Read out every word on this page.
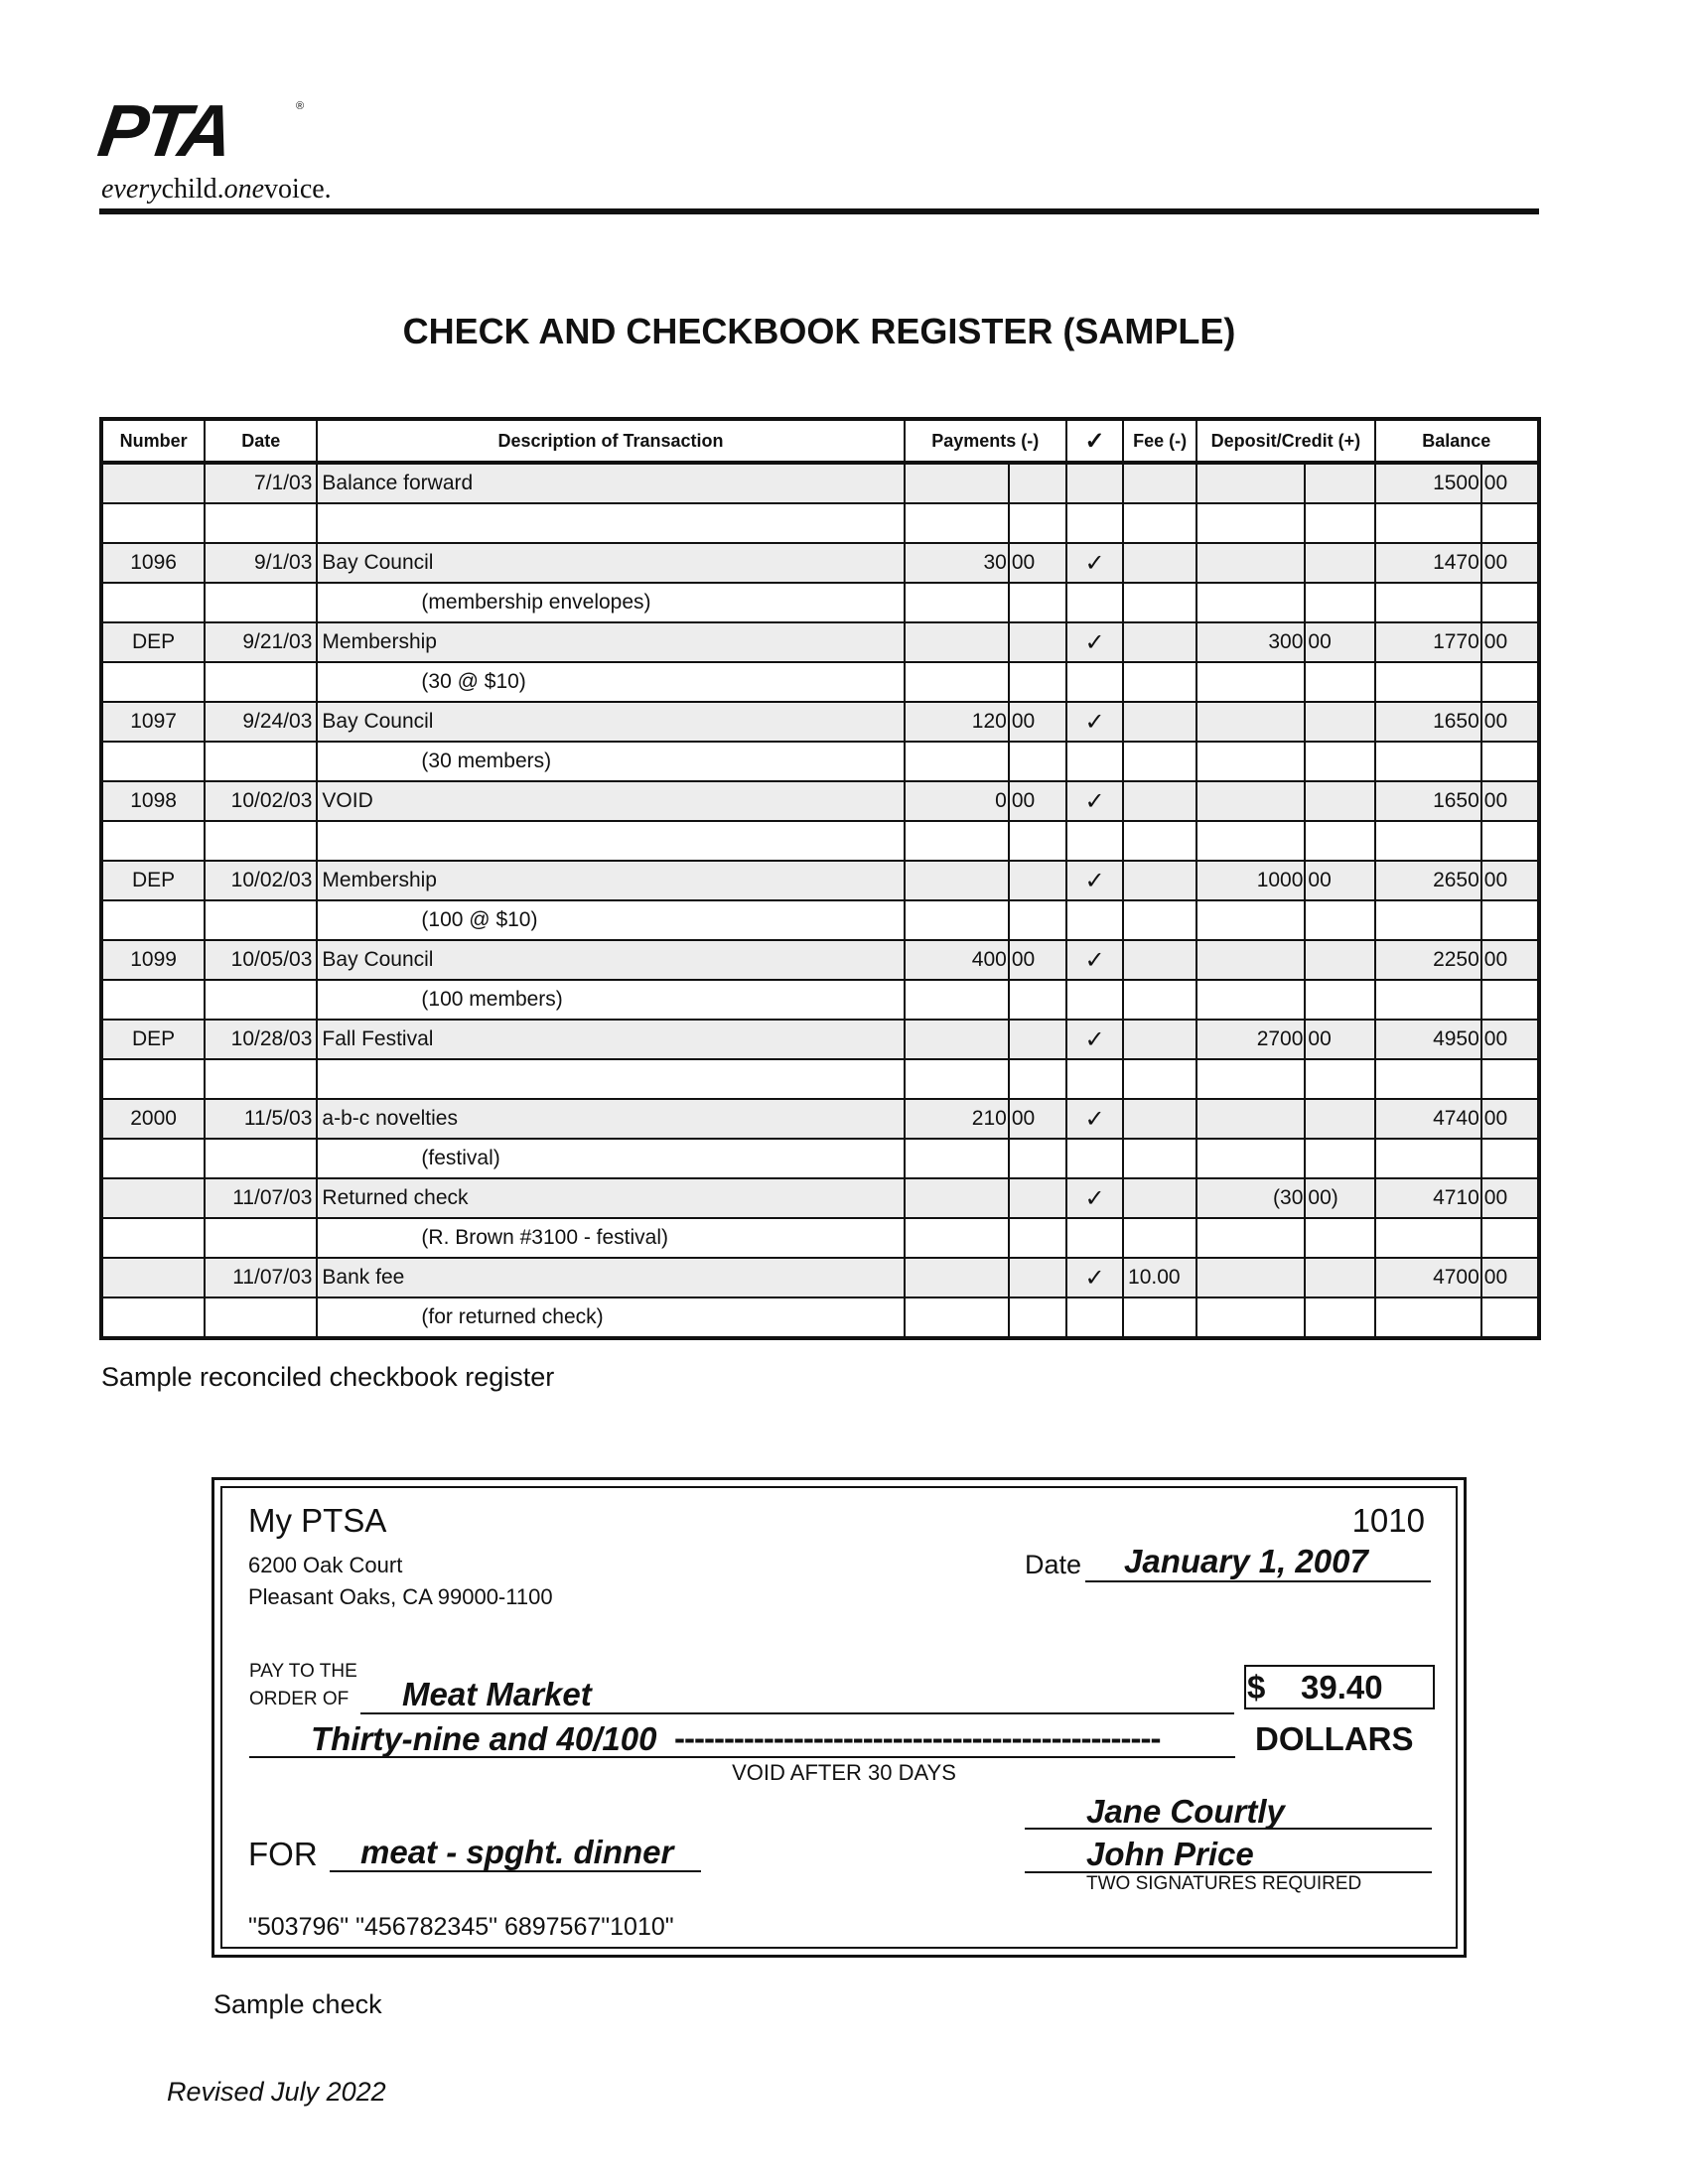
PTA	®
everychild.onevoice.
CHECK AND CHECKBOOK REGISTER (SAMPLE)
Number	Date	Description of Transaction	Payments (-)		✓	Fee (-)	Deposit/Credit (+)		Balance	
	7/1/03	Balance forward							1500	00

1096	9/1/03	Bay Council	30	00	✓				1470	00
		(membership envelopes)								
DEP	9/21/03	Membership			✓		300	00	1770	00
		(30 @ $10)								
1097	9/24/03	Bay Council	120	00	✓				1650	00
		(30 members)								
1098	10/02/03	VOID	0	00	✓				1650	00

DEP	10/02/03	Membership			✓		1000	00	2650	00
		(100 @ $10)								
1099	10/05/03	Bay Council	400	00	✓				2250	00
		(100 members)								
DEP	10/28/03	Fall Festival			✓		2700	00	4950	00

2000	11/5/03	a-b-c novelties	210	00	✓				4740	00
		(festival)								
	11/07/03	Returned check			✓		(30	00)	4710	00
		(R. Brown #3100 - festival)								
	11/07/03	Bank fee			✓	10.00			4700	00
		(for returned check)								
Sample reconciled checkbook register
My PTSA
6200 Oak Court
Pleasant Oaks, CA 99000-1100
1010
Date January 1, 2007
PAY TO THE
ORDER OF Meat Market	$ 39.40
Thirty-nine and 40/100 -------------------------------------------------	DOLLARS
VOID AFTER 30 DAYS
FOR meat - spght. dinner
Jane Courtly
John Price
TWO SIGNATURES REQUIRED
"503796" "456782345" 6897567"1010"
Sample check
Revised July 2022
